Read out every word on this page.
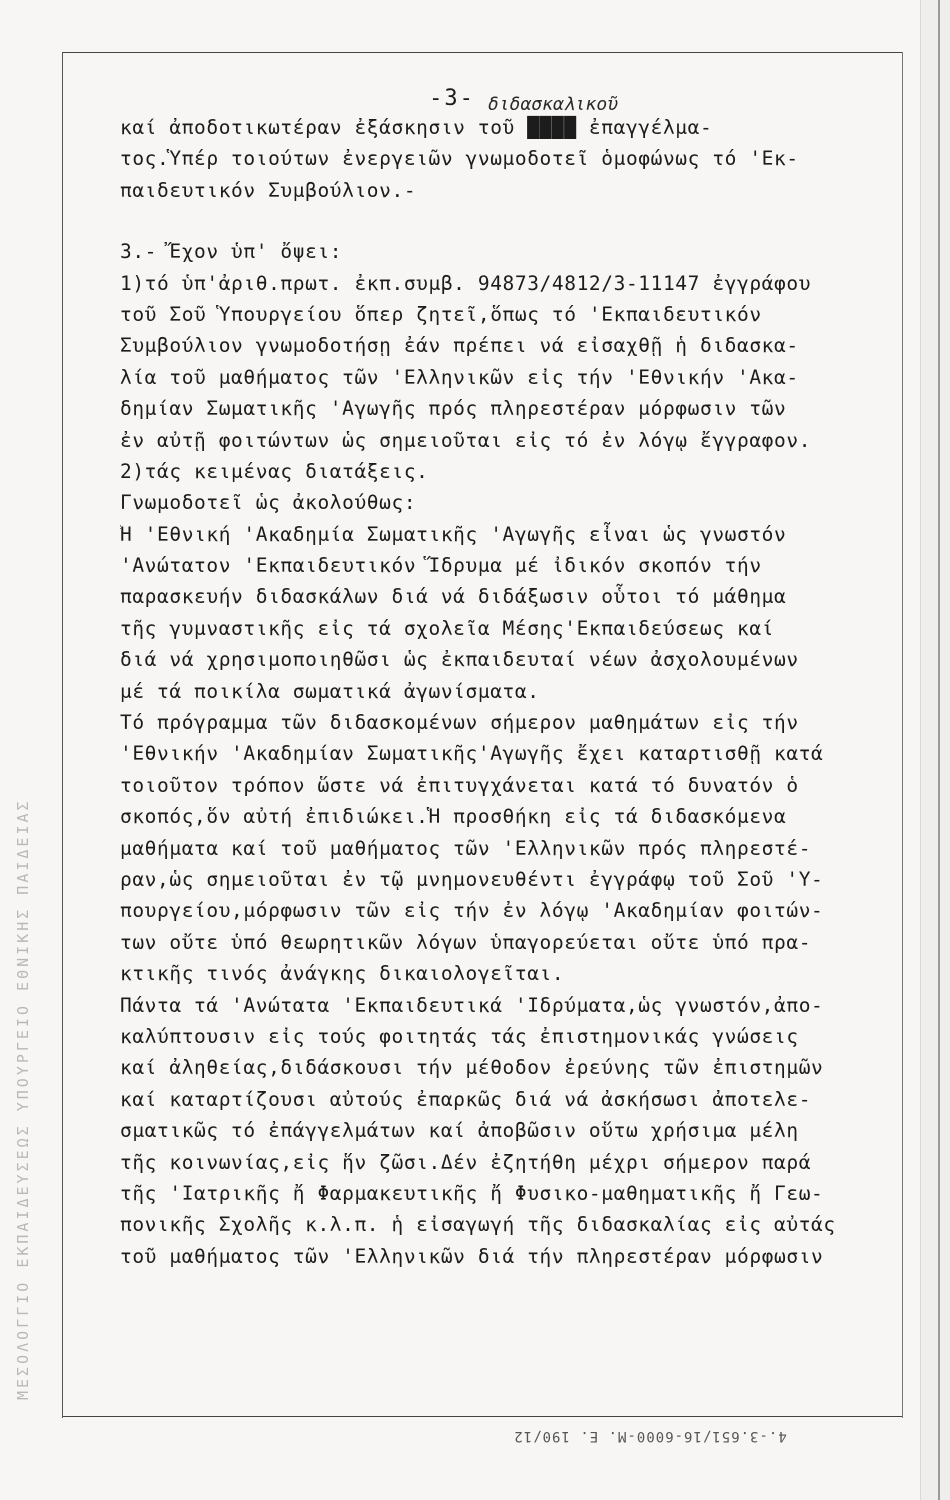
ΜΕΣΟΛΟΓΓΙΟ ΕΚΠΑΙΔΕΥΣΕΩΣ ΥΠΟΥΡΓΕΙΟ ΕΘΝΙΚΗΣ ΠΑΙΔΕΙΑΣ
-3- διδασκαλικοῦ
καί ἀποδοτικωτέραν ἐξάσκησιν τοῦ ████ ἐπαγγέλμα-
τος.Ὑπέρ τοιούτων ἐνεργειῶν γνωμοδοτεῖ ὁμοφώνως τό 'Εκ-
παιδευτικόν Συμβούλιον.-
3.- Ἔχον ὑπ' ὄψει:
1)τό ὑπ'ἀριθ.πρωτ. ἐκπ.συμβ. 94873/4812/3-11147 ἐγγράφου
τοῦ Σοῦ Ὑπουργείου ὅπερ ζητεῖ,ὅπως τό 'Εκπαιδευτικόν
Συμβούλιον γνωμοδοτήσῃ ἐάν πρέπει νά εἰσαχθῇ ἡ διδασκα-
λία τοῦ μαθήματος τῶν 'Ελληνικῶν εἰς τήν 'Εθνικήν 'Ακα-
δημίαν Σωματικῆς 'Αγωγῆς πρός πληρεστέραν μόρφωσιν τῶν
ἐν αὐτῇ φοιτώντων ὡς σημειοῦται εἰς τό ἐν λόγῳ ἔγγραφον.
2)τάς κειμένας διατάξεις.
Γνωμοδοτεῖ ὡς ἀκολούθως:
Ἡ 'Εθνική 'Ακαδημία Σωματικῆς 'Αγωγῆς εἶναι ὡς γνωστόν
'Ανώτατον 'Εκπαιδευτικόν Ἵδρυμα μέ ἰδικόν σκοπόν τήν
παρασκευήν διδασκάλων διά νά διδάξωσιν οὗτοι τό μάθημα
τῆς γυμναστικῆς εἰς τά σχολεῖα Μέσης'Εκπαιδεύσεως καί
διά νά χρησιμοποιηθῶσι ὡς ἐκπαιδευταί νέων ἀσχολουμένων
μέ τά ποικίλα σωματικά ἀγωνίσματα.
Τό πρόγραμμα τῶν διδασκομένων σήμερον μαθημάτων εἰς τήν
'Εθνικήν 'Ακαδημίαν Σωματικῆς'Αγωγῆς ἔχει καταρτισθῇ κατά
τοιοῦτον τρόπον ὥστε νά ἐπιτυγχάνεται κατά τό δυνατόν ὁ
σκοπός,ὅν αὐτή ἐπιδιώκει.Ἡ προσθήκη εἰς τά διδασκόμενα
μαθήματα καί τοῦ μαθήματος τῶν 'Ελληνικῶν πρός πληρεστέ-
ραν,ὡς σημειοῦται ἐν τῷ μνημονευθέντι ἐγγράφῳ τοῦ Σοῦ 'Υ-
πουργείου,μόρφωσιν τῶν εἰς τήν ἐν λόγῳ 'Ακαδημίαν φοιτών-
των οὔτε ὑπό θεωρητικῶν λόγων ὑπαγορεύεται οὔτε ὑπό πρα-
κτικῆς τινός ἀνάγκης δικαιολογεῖται.
Πάντα τά 'Ανώτατα 'Εκπαιδευτικά 'Ιδρύματα,ὡς γνωστόν,ἀπο-
καλύπτουσιν εἰς τούς φοιτητάς τάς ἐπιστημονικάς γνώσεις
καί ἀληθείας,διδάσκουσι τήν μέθοδον ἐρεύνης τῶν ἐπιστημῶν
καί καταρτίζουσι αὐτούς ἐπαρκῶς διά νά ἀσκήσωσι ἀποτελε-
σματικῶς τό ἐπάγγελμάτων καί ἀποβῶσιν οὕτω χρήσιμα μέλη
τῆς κοινωνίας,εἰς ἥν ζῶσι.Δέν ἐζητήθη μέχρι σήμερον παρά
τῆς 'Ιατρικῆς ἤ Φαρμακευτικῆς ἤ Φυσικο-μαθηματικῆς ἤ Γεω-
πονικῆς Σχολῆς κ.λ.π. ἡ εἰσαγωγή τῆς διδασκαλίας εἰς αὐτάς
τοῦ μαθήματος τῶν 'Ελληνικῶν διά τήν πληρεστέραν μόρφωσιν
4.-3.651/16-6000-Μ. Ε. 190/12
